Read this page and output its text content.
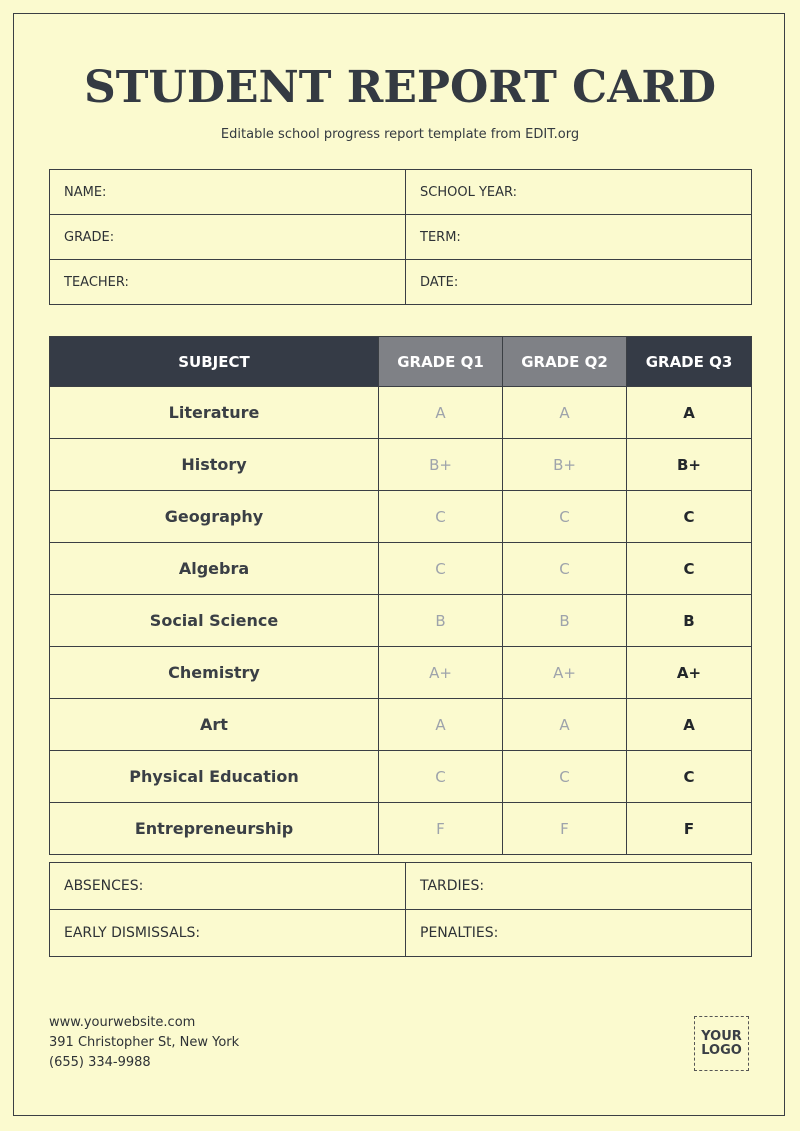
STUDENT REPORT CARD
Editable school progress report template from EDIT.org
NAME:	SCHOOL YEAR:
GRADE:	TERM:
TEACHER:	DATE:
SUBJECT	GRADE Q1	GRADE Q2	GRADE Q3
Literature	A	A	A
History	B+	B+	B+
Geography	C	C	C
Algebra	C	C	C
Social Science	B	B	B
Chemistry	A+	A+	A+
Art	A	A	A
Physical Education	C	C	C
Entrepreneurship	F	F	F
ABSENCES:	TARDIES:
EARLY DISMISSALS:	PENALTIES:
www.yourwebsite.com
391 Christopher St, New York
(655) 334-9988
YOUR
LOGO
